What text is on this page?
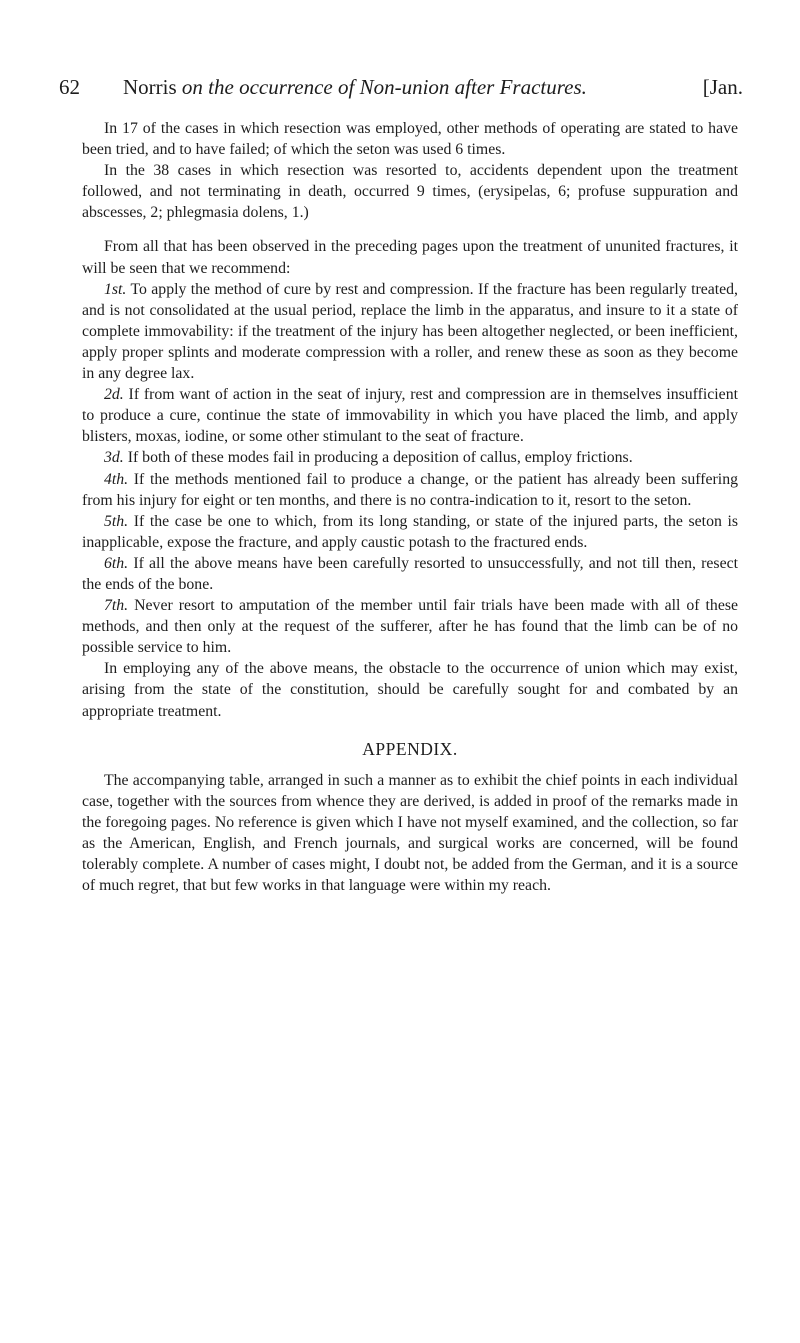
62 Norris on the occurrence of Non-union after Fractures.	[Jan.

In 17 of the cases in which resection was employed, other methods of operating are stated to have been tried, and to have failed; of which the seton was used 6 times.

In the 38 cases in which resection was resorted to, accidents dependent upon the treatment followed, and not terminating in death, occurred 9 times, (erysipelas, 6; profuse suppuration and abscesses, 2; phlegmasia dolens, 1.)

From all that has been observed in the preceding pages upon the treatment of ununited fractures, it will be seen that we recommend:

1st. To apply the method of cure by rest and compression. If the fracture has been regularly treated, and is not consolidated at the usual period, replace the limb in the apparatus, and insure to it a state of complete immovability: if the treatment of the injury has been altogether neglected, or been inefficient, apply proper splints and moderate compression with a roller, and renew these as soon as they become in any degree lax.

2d. If from want of action in the seat of injury, rest and compression are in themselves insufficient to produce a cure, continue the state of immovability in which you have placed the limb, and apply blisters, moxas, iodine, or some other stimulant to the seat of fracture.

3d. If both of these modes fail in producing a deposition of callus, employ frictions.

4th. If the methods mentioned fail to produce a change, or the patient has already been suffering from his injury for eight or ten months, and there is no contra-indication to it, resort to the seton.

5th. If the case be one to which, from its long standing, or state of the injured parts, the seton is inapplicable, expose the fracture, and apply caustic potash to the fractured ends.

6th. If all the above means have been carefully resorted to unsuccessfully, and not till then, resect the ends of the bone.

7th. Never resort to amputation of the member until fair trials have been made with all of these methods, and then only at the request of the sufferer, after he has found that the limb can be of no possible service to him.

In employing any of the above means, the obstacle to the occurrence of union which may exist, arising from the state of the constitution, should be carefully sought for and combated by an appropriate treatment.

APPENDIX.

The accompanying table, arranged in such a manner as to exhibit the chief points in each individual case, together with the sources from whence they are derived, is added in proof of the remarks made in the foregoing pages. No reference is given which I have not myself examined, and the collection, so far as the American, English, and French journals, and surgical works are concerned, will be found tolerably complete. A number of cases might, I doubt not, be added from the German, and it is a source of much regret, that but few works in that language were within my reach.
